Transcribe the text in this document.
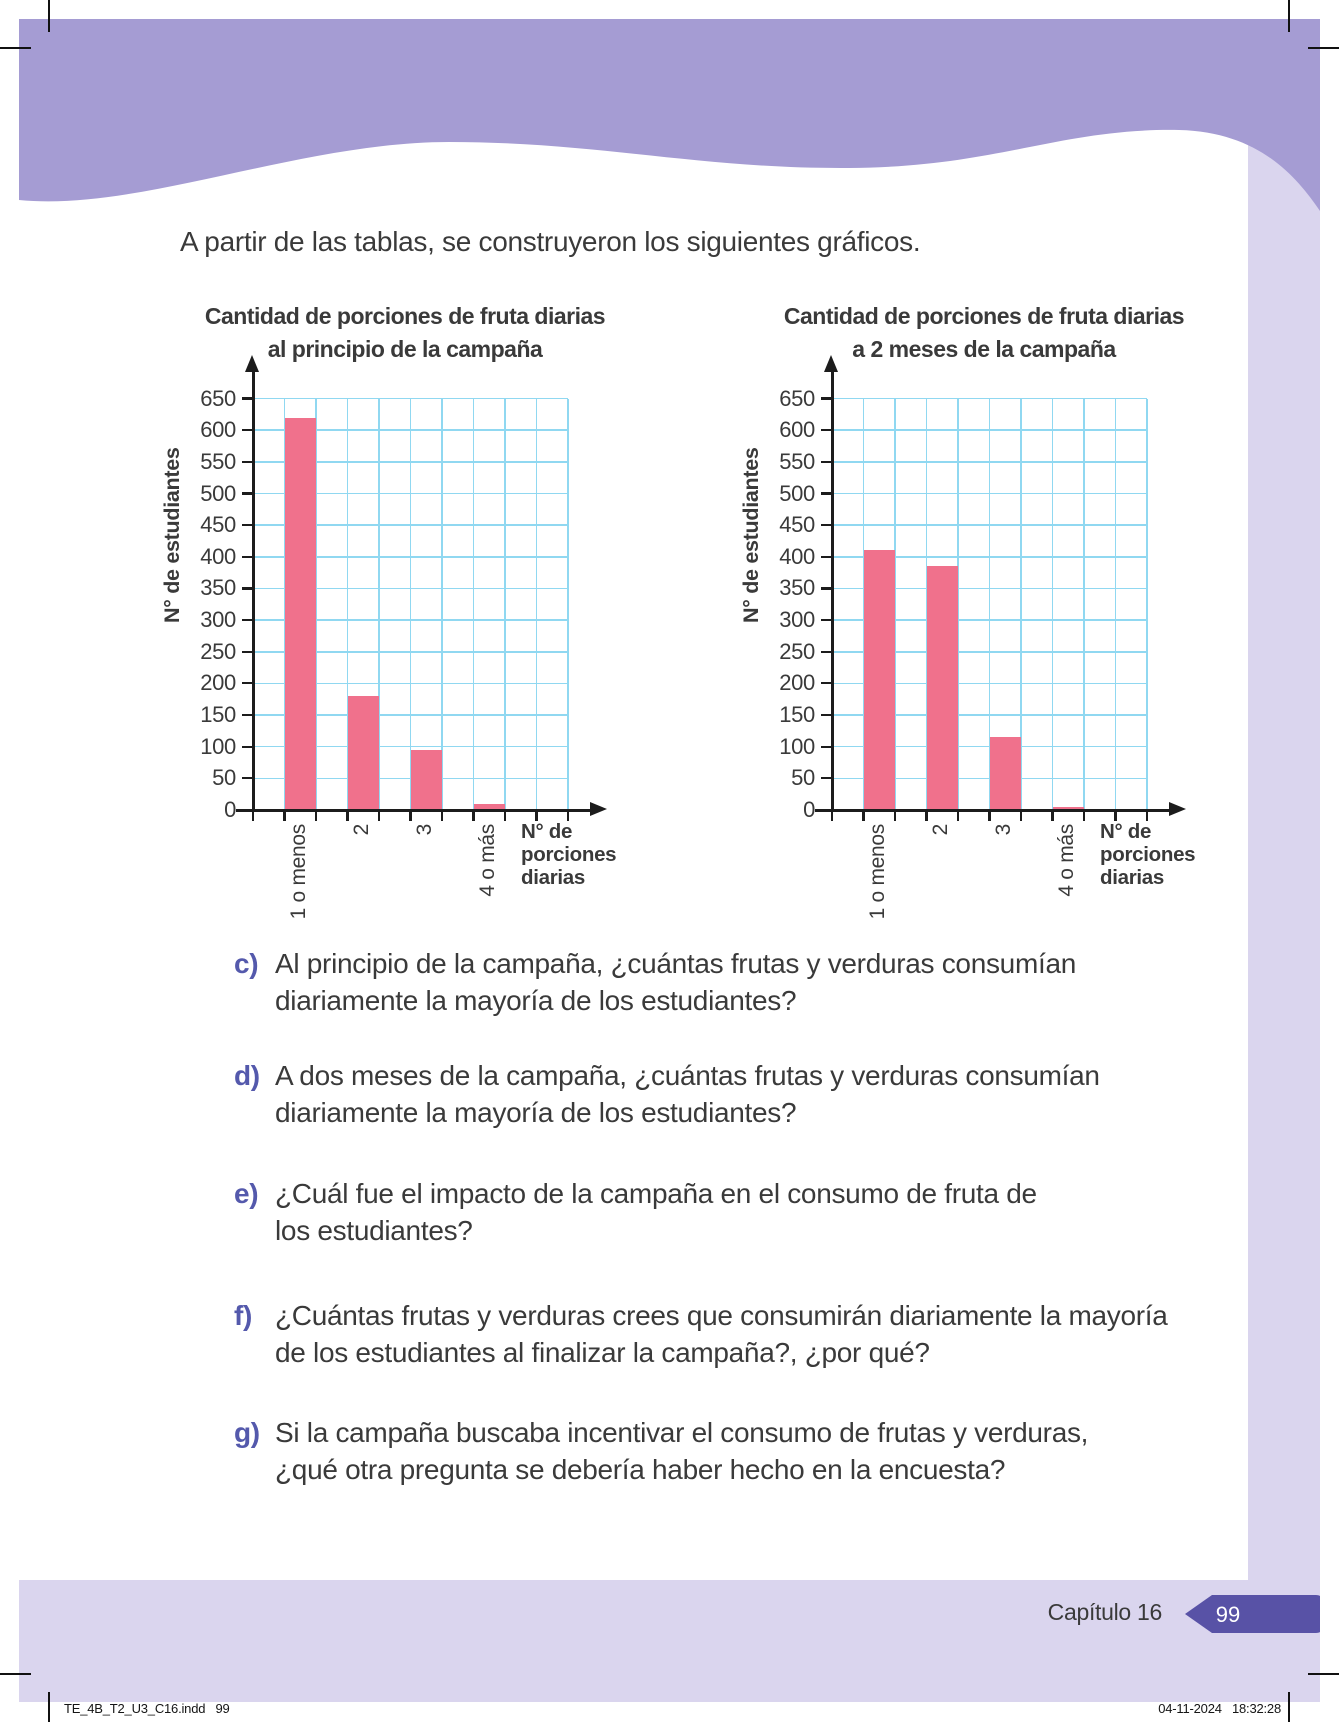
A partir de las tablas, se construyeron los siguientes gráficos.
Cantidad de porciones de fruta diarias
al principio de la campaña
0
50
100
150
200
250
300
350
400
450
500
550
600
650
1 o menos 2 3 4 o más
N° de estudiantes
N° de
porciones
diarias
Cantidad de porciones de fruta diarias
a 2 meses de la campaña
0
50
100
150
200
250
300
350
400
450
500
550
600
650
1 o menos 2 3 4 o más
N° de estudiantes
N° de
porciones
diarias
c) Al principio de la campaña, ¿cuántas frutas y verduras consumían
diariamente la mayoría de los estudiantes?
d) A dos meses de la campaña, ¿cuántas frutas y verduras consumían
diariamente la mayoría de los estudiantes?
e) ¿Cuál fue el impacto de la campaña en el consumo de fruta de
los estudiantes?
f) ¿Cuántas frutas y verduras crees que consumirán diariamente la mayoría
de los estudiantes al finalizar la campaña?, ¿por qué?
g) Si la campaña buscaba incentivar el consumo de frutas y verduras,
¿qué otra pregunta se debería haber hecho en la encuesta?
Capítulo 16 99
TE_4B_T2_U3_C16.indd   99	04-11-2024   18:32:28
